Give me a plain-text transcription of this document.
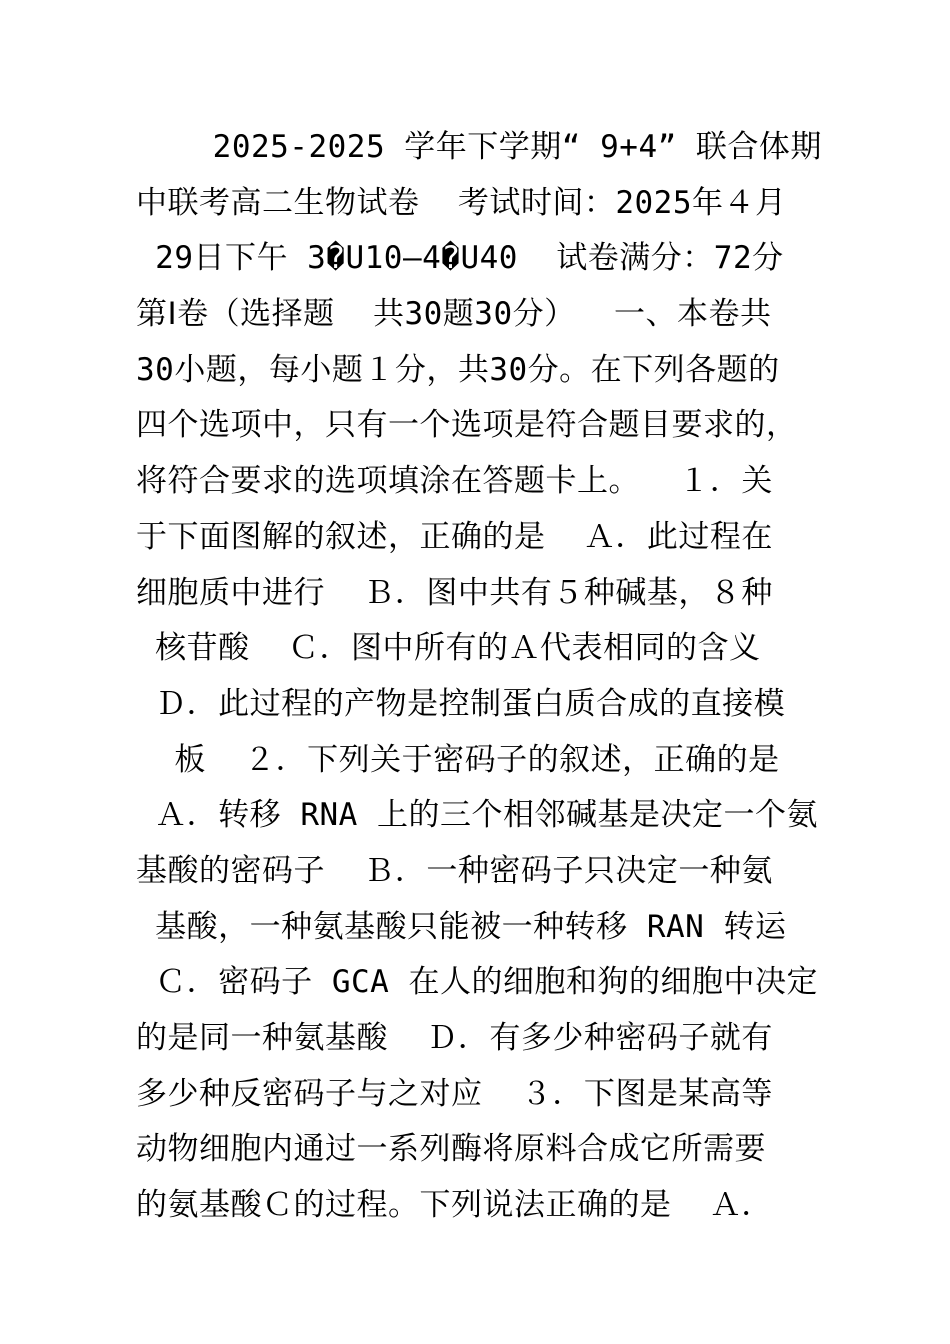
2025-2025 学年下学期“ 9+4” 联合体期
中联考高二生物试卷  考试时间：2025年４月
29日下午 3�U10—4�U40  试卷满分：72分
第Ⅰ卷（选择题  共30题30分）  一、本卷共
30小题，每小题１分，共30分。在下列各题的
四个选项中，只有一个选项是符合题目要求的，
将符合要求的选项填涂在答题卡上。  １．关
于下面图解的叙述，正确的是  Ａ．此过程在
细胞质中进行  Ｂ．图中共有５种碱基，８种
核苷酸  Ｃ．图中所有的Ａ代表相同的含义
Ｄ．此过程的产物是控制蛋白质合成的直接模
板  ２．下列关于密码子的叙述，正确的是
Ａ．转移 RNA 上的三个相邻碱基是决定一个氨
基酸的密码子  Ｂ．一种密码子只决定一种氨
基酸，一种氨基酸只能被一种转移 RAN 转运
Ｃ．密码子 GCA 在人的细胞和狗的细胞中决定
的是同一种氨基酸  Ｄ．有多少种密码子就有
多少种反密码子与之对应  ３．下图是某高等
动物细胞内通过一系列酶将原料合成它所需要
的氨基酸Ｃ的过程。下列说法正确的是  Ａ．
